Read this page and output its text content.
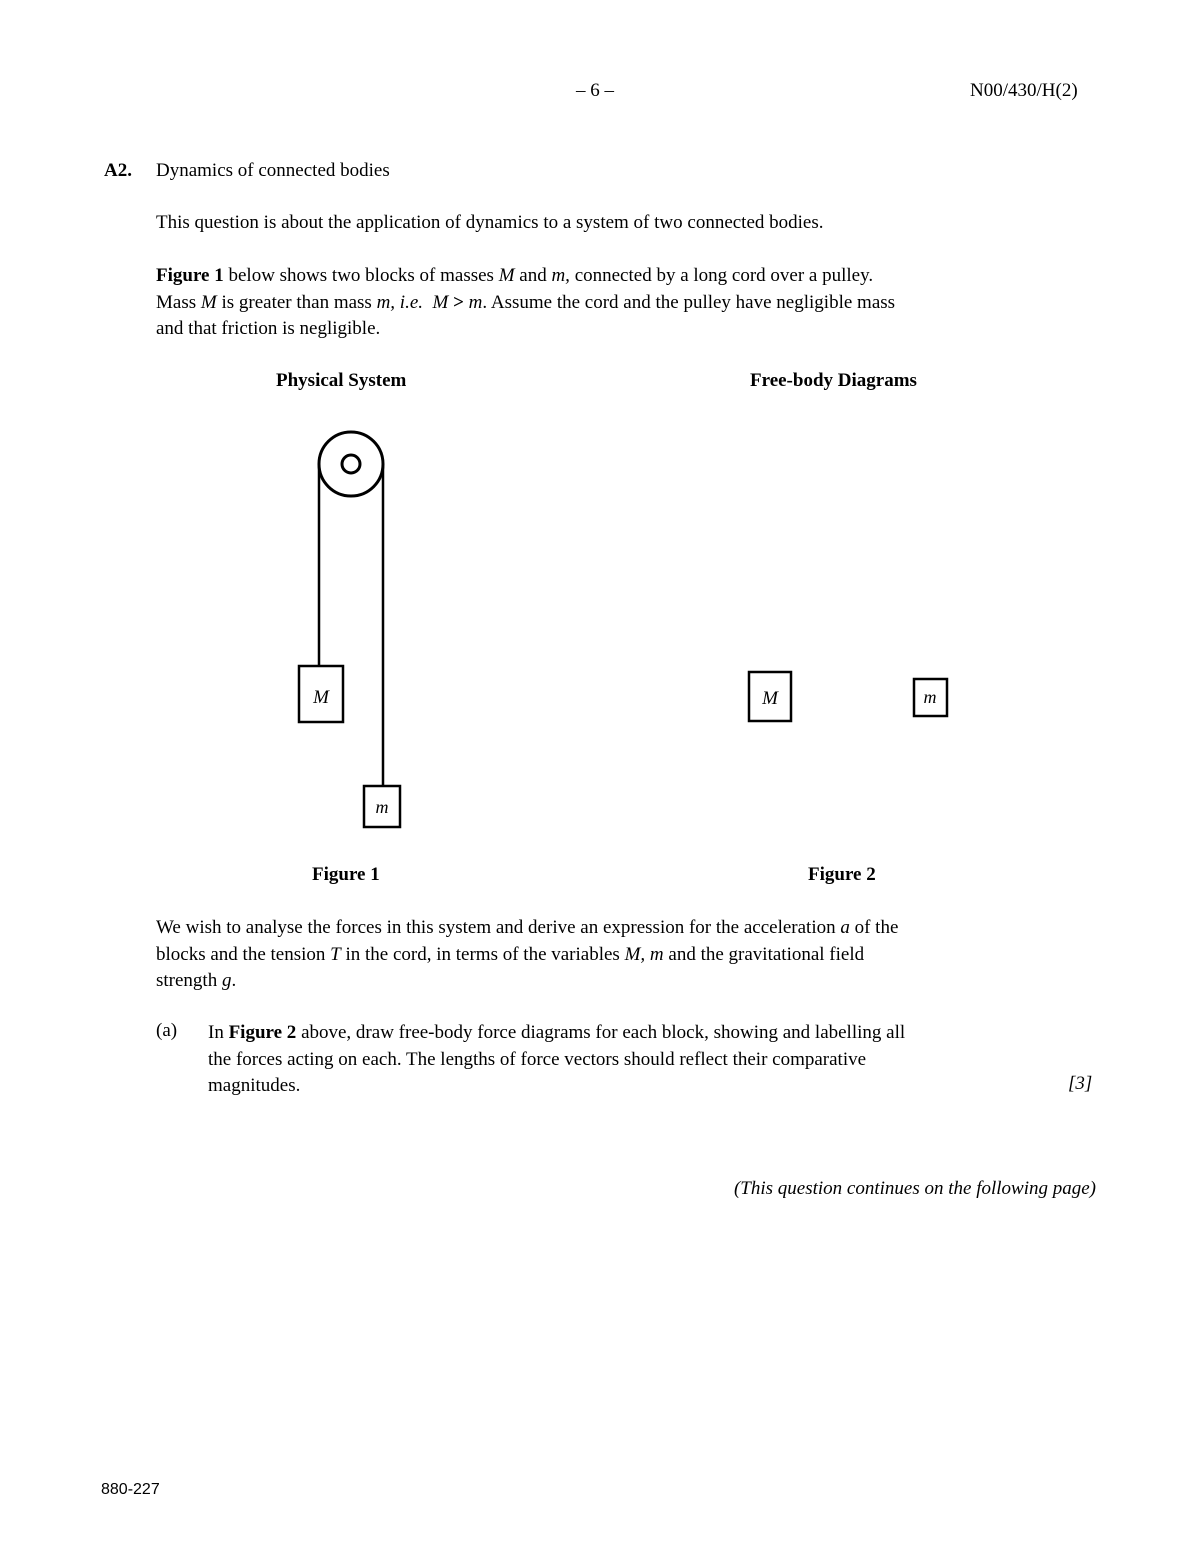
– 6 –	N00/430/H(2)
A2. Dynamics of connected bodies
This question is about the application of dynamics to a system of two connected bodies.
Figure 1 below shows two blocks of masses M and m, connected by a long cord over a pulley.
Mass M is greater than mass m, i.e. M > m. Assume the cord and the pulley have negligible mass
and that friction is negligible.
Physical System	Free-body Diagrams
M
m
M	m
Figure 1	Figure 2
We wish to analyse the forces in this system and derive an expression for the acceleration a of the
blocks and the tension T in the cord, in terms of the variables M, m and the gravitational field
strength g.
(a) In Figure 2 above, draw free-body force diagrams for each block, showing and labelling all
the forces acting on each. The lengths of force vectors should reflect their comparative
magnitudes.	[3]
(This question continues on the following page)
880-227
